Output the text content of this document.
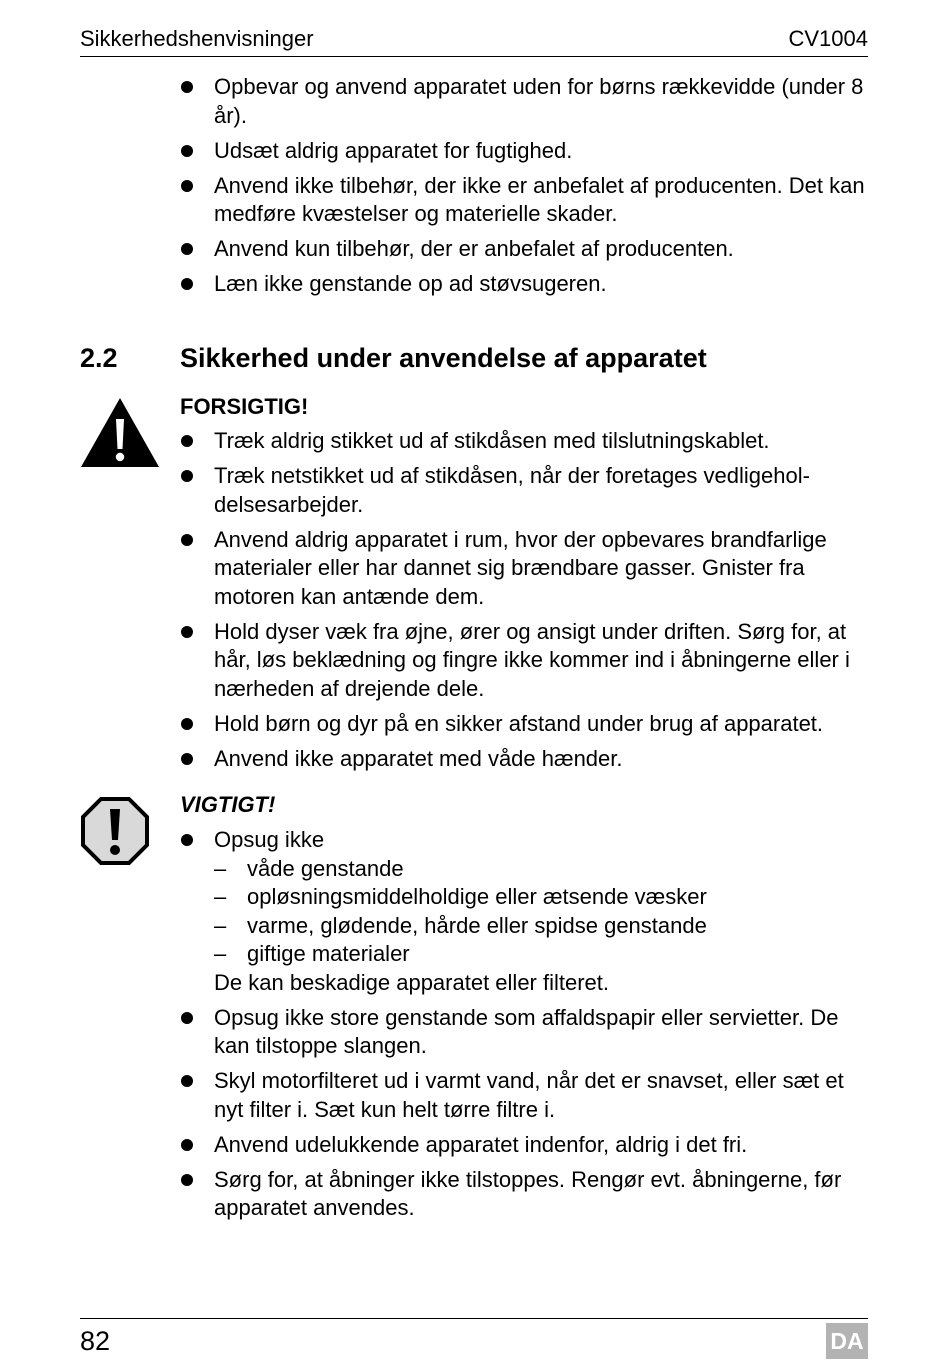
Sikkerhedshenvisninger	CV1004
Opbevar og anvend apparatet uden for børns rækkevidde (under 8 år).
Udsæt aldrig apparatet for fugtighed.
Anvend ikke tilbehør, der ikke er anbefalet af producenten. Det kan medføre kvæstelser og materielle skader.
Anvend kun tilbehør, der er anbefalet af producenten.
Læn ikke genstande op ad støvsugeren.
2.2 Sikkerhed under anvendelse af apparatet
FORSIGTIG!
Træk aldrig stikket ud af stikdåsen med tilslutningskablet.
Træk netstikket ud af stikdåsen, når der foretages vedligeholdelsesarbejder.
Anvend aldrig apparatet i rum, hvor der opbevares brandfarlige materialer eller har dannet sig brændbare gasser. Gnister fra motoren kan antænde dem.
Hold dyser væk fra øjne, ører og ansigt under driften. Sørg for, at hår, løs beklædning og fingre ikke kommer ind i åbningerne eller i nærheden af drejende dele.
Hold børn og dyr på en sikker afstand under brug af apparatet.
Anvend ikke apparatet med våde hænder.
VIGTIGT!
Opsug ikke
– våde genstande
– opløsningsmiddelholdige eller ætsende væsker
– varme, glødende, hårde eller spidse genstande
– giftige materialer
De kan beskadige apparatet eller filteret.
Opsug ikke store genstande som affaldspapir eller servietter. De kan tilstoppe slangen.
Skyl motorfilteret ud i varmt vand, når det er snavset, eller sæt et nyt filter i. Sæt kun helt tørre filtre i.
Anvend udelukkende apparatet indenfor, aldrig i det fri.
Sørg for, at åbninger ikke tilstoppes. Rengør evt. åbningerne, før apparatet anvendes.
82	DA
